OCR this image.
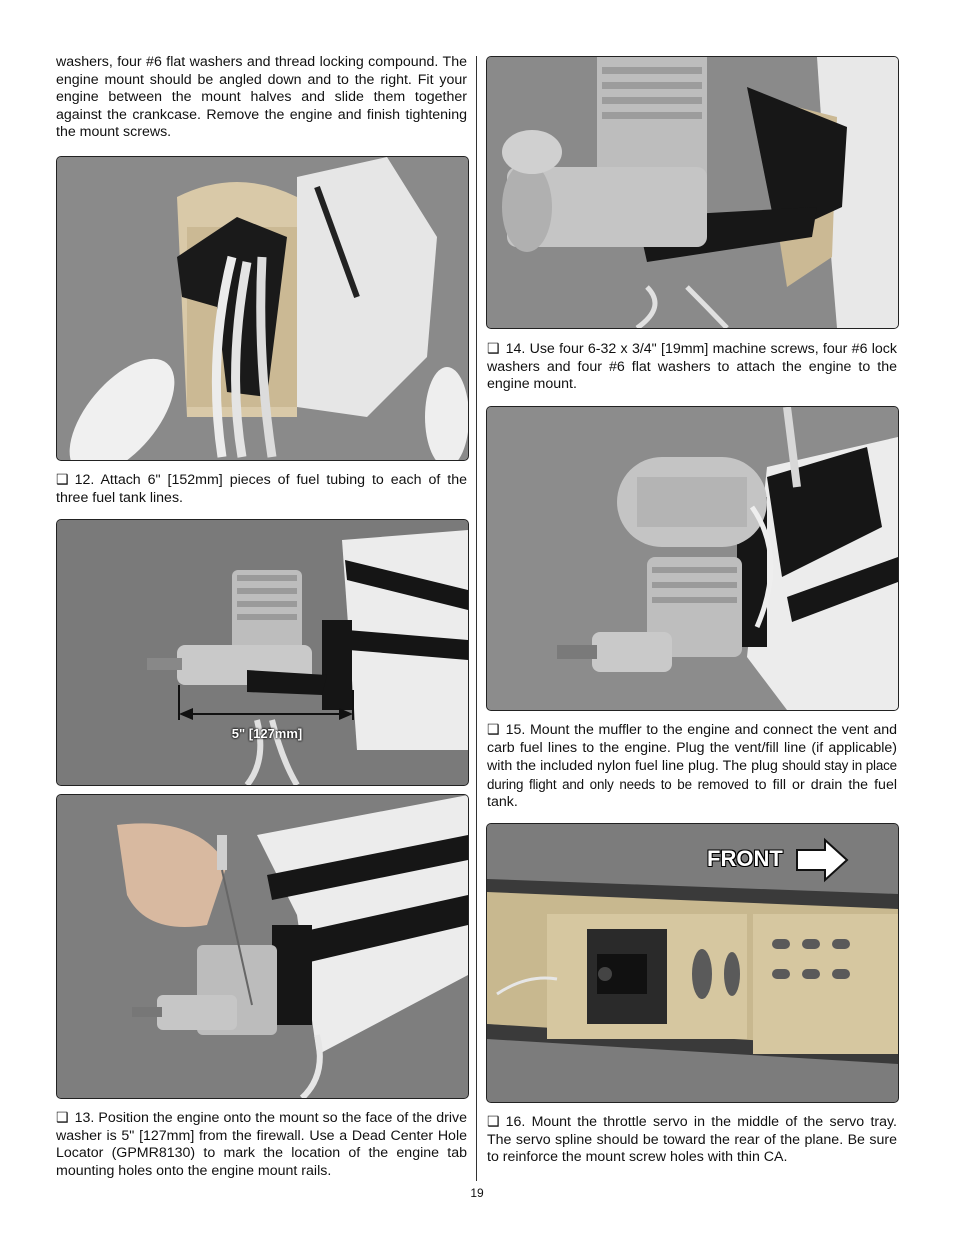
washers, four #6 flat washers and thread locking compound. The engine mount should be angled down and to the right. Fit your engine between the mount halves and slide them together against the crankcase. Remove the engine and finish tightening the mount screws.

❑ 12. Attach 6" [152mm] pieces of fuel tubing to each of the three fuel tank lines.

5" [127mm]

❑ 13. Position the engine onto the mount so the face of the drive washer is 5" [127mm] from the firewall. Use a Dead Center Hole Locator (GPMR8130) to mark the location of the engine tab mounting holes onto the engine mount rails.

❑ 14. Use four 6-32 x 3/4" [19mm] machine screws, four #6 lock washers and four #6 flat washers to attach the engine to the engine mount.

❑ 15. Mount the muffler to the engine and connect the vent and carb fuel lines to the engine. Plug the vent/fill line (if applicable) with the included nylon fuel line plug. The plug should stay in place during flight and only needs to be removed to fill or drain the fuel tank.

FRONT

❑ 16. Mount the throttle servo in the middle of the servo tray. The servo spline should be toward the rear of the plane. Be sure to reinforce the mount screw holes with thin CA.

19
